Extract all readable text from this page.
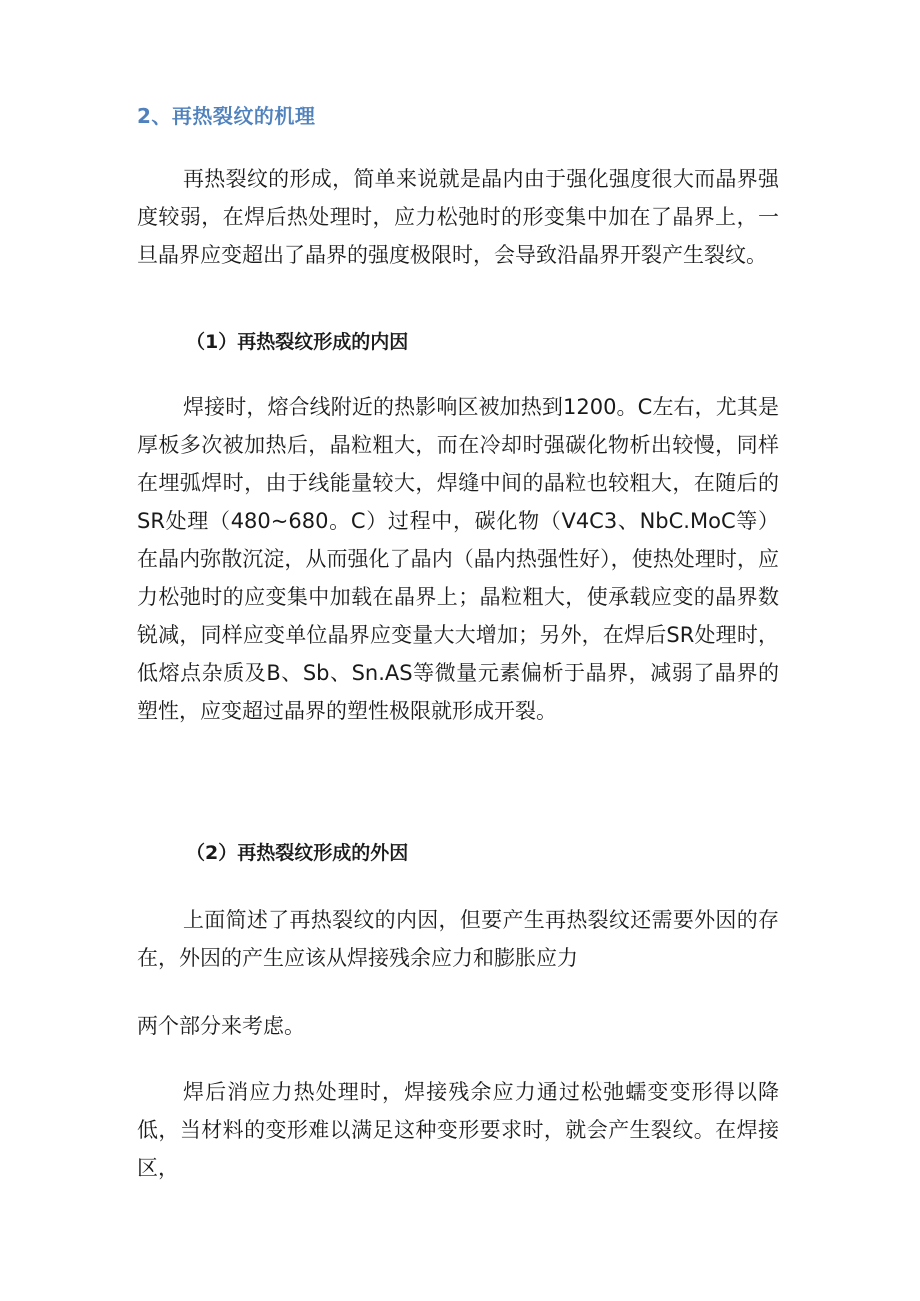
2、再热裂纹的机理

再热裂纹的形成，简单来说就是晶内由于强化强度很大而晶界强度较弱，在焊后热处理时，应力松弛时的形变集中加在了晶界上，一旦晶界应变超出了晶界的强度极限时，会导致沿晶界开裂产生裂纹。

（1）再热裂纹形成的内因

焊接时，熔合线附近的热影响区被加热到1200。C左右，尤其是厚板多次被加热后，晶粒粗大，而在冷却时强碳化物析出较慢，同样在埋弧焊时，由于线能量较大，焊缝中间的晶粒也较粗大，在随后的SR处理（480~680。C）过程中，碳化物（V4C3、NbC.MoC等）在晶内弥散沉淀，从而强化了晶内（晶内热强性好），使热处理时，应力松弛时的应变集中加载在晶界上；晶粒粗大，使承载应变的晶界数锐减，同样应变单位晶界应变量大大增加；另外，在焊后SR处理时，低熔点杂质及B、Sb、Sn.AS等微量元素偏析于晶界，减弱了晶界的塑性，应变超过晶界的塑性极限就形成开裂。

（2）再热裂纹形成的外因

上面简述了再热裂纹的内因，但要产生再热裂纹还需要外因的存在，外因的产生应该从焊接残余应力和膨胀应力

两个部分来考虑。

焊后消应力热处理时，焊接残余应力通过松弛蠕变变形得以降低，当材料的变形难以满足这种变形要求时，就会产生裂纹。在焊接区，
